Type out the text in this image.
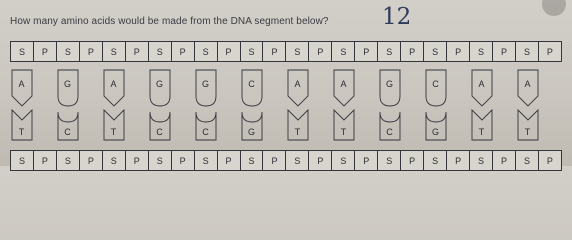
How many amino acids would be made from the DNA segment below? 12
S	P	S	P	S	P	S	P	S	P	S	P	S	P	S	P	S	P	S	P	S	P	S	P
A
T
G
C
A
T
G
C
G
C
C
G
A
T
A
T
G
C
C
G
A
T
A
T
S	P	S	P	S	P	S	P	S	P	S	P	S	P	S	P	S	P	S	P	S	P	S	P
